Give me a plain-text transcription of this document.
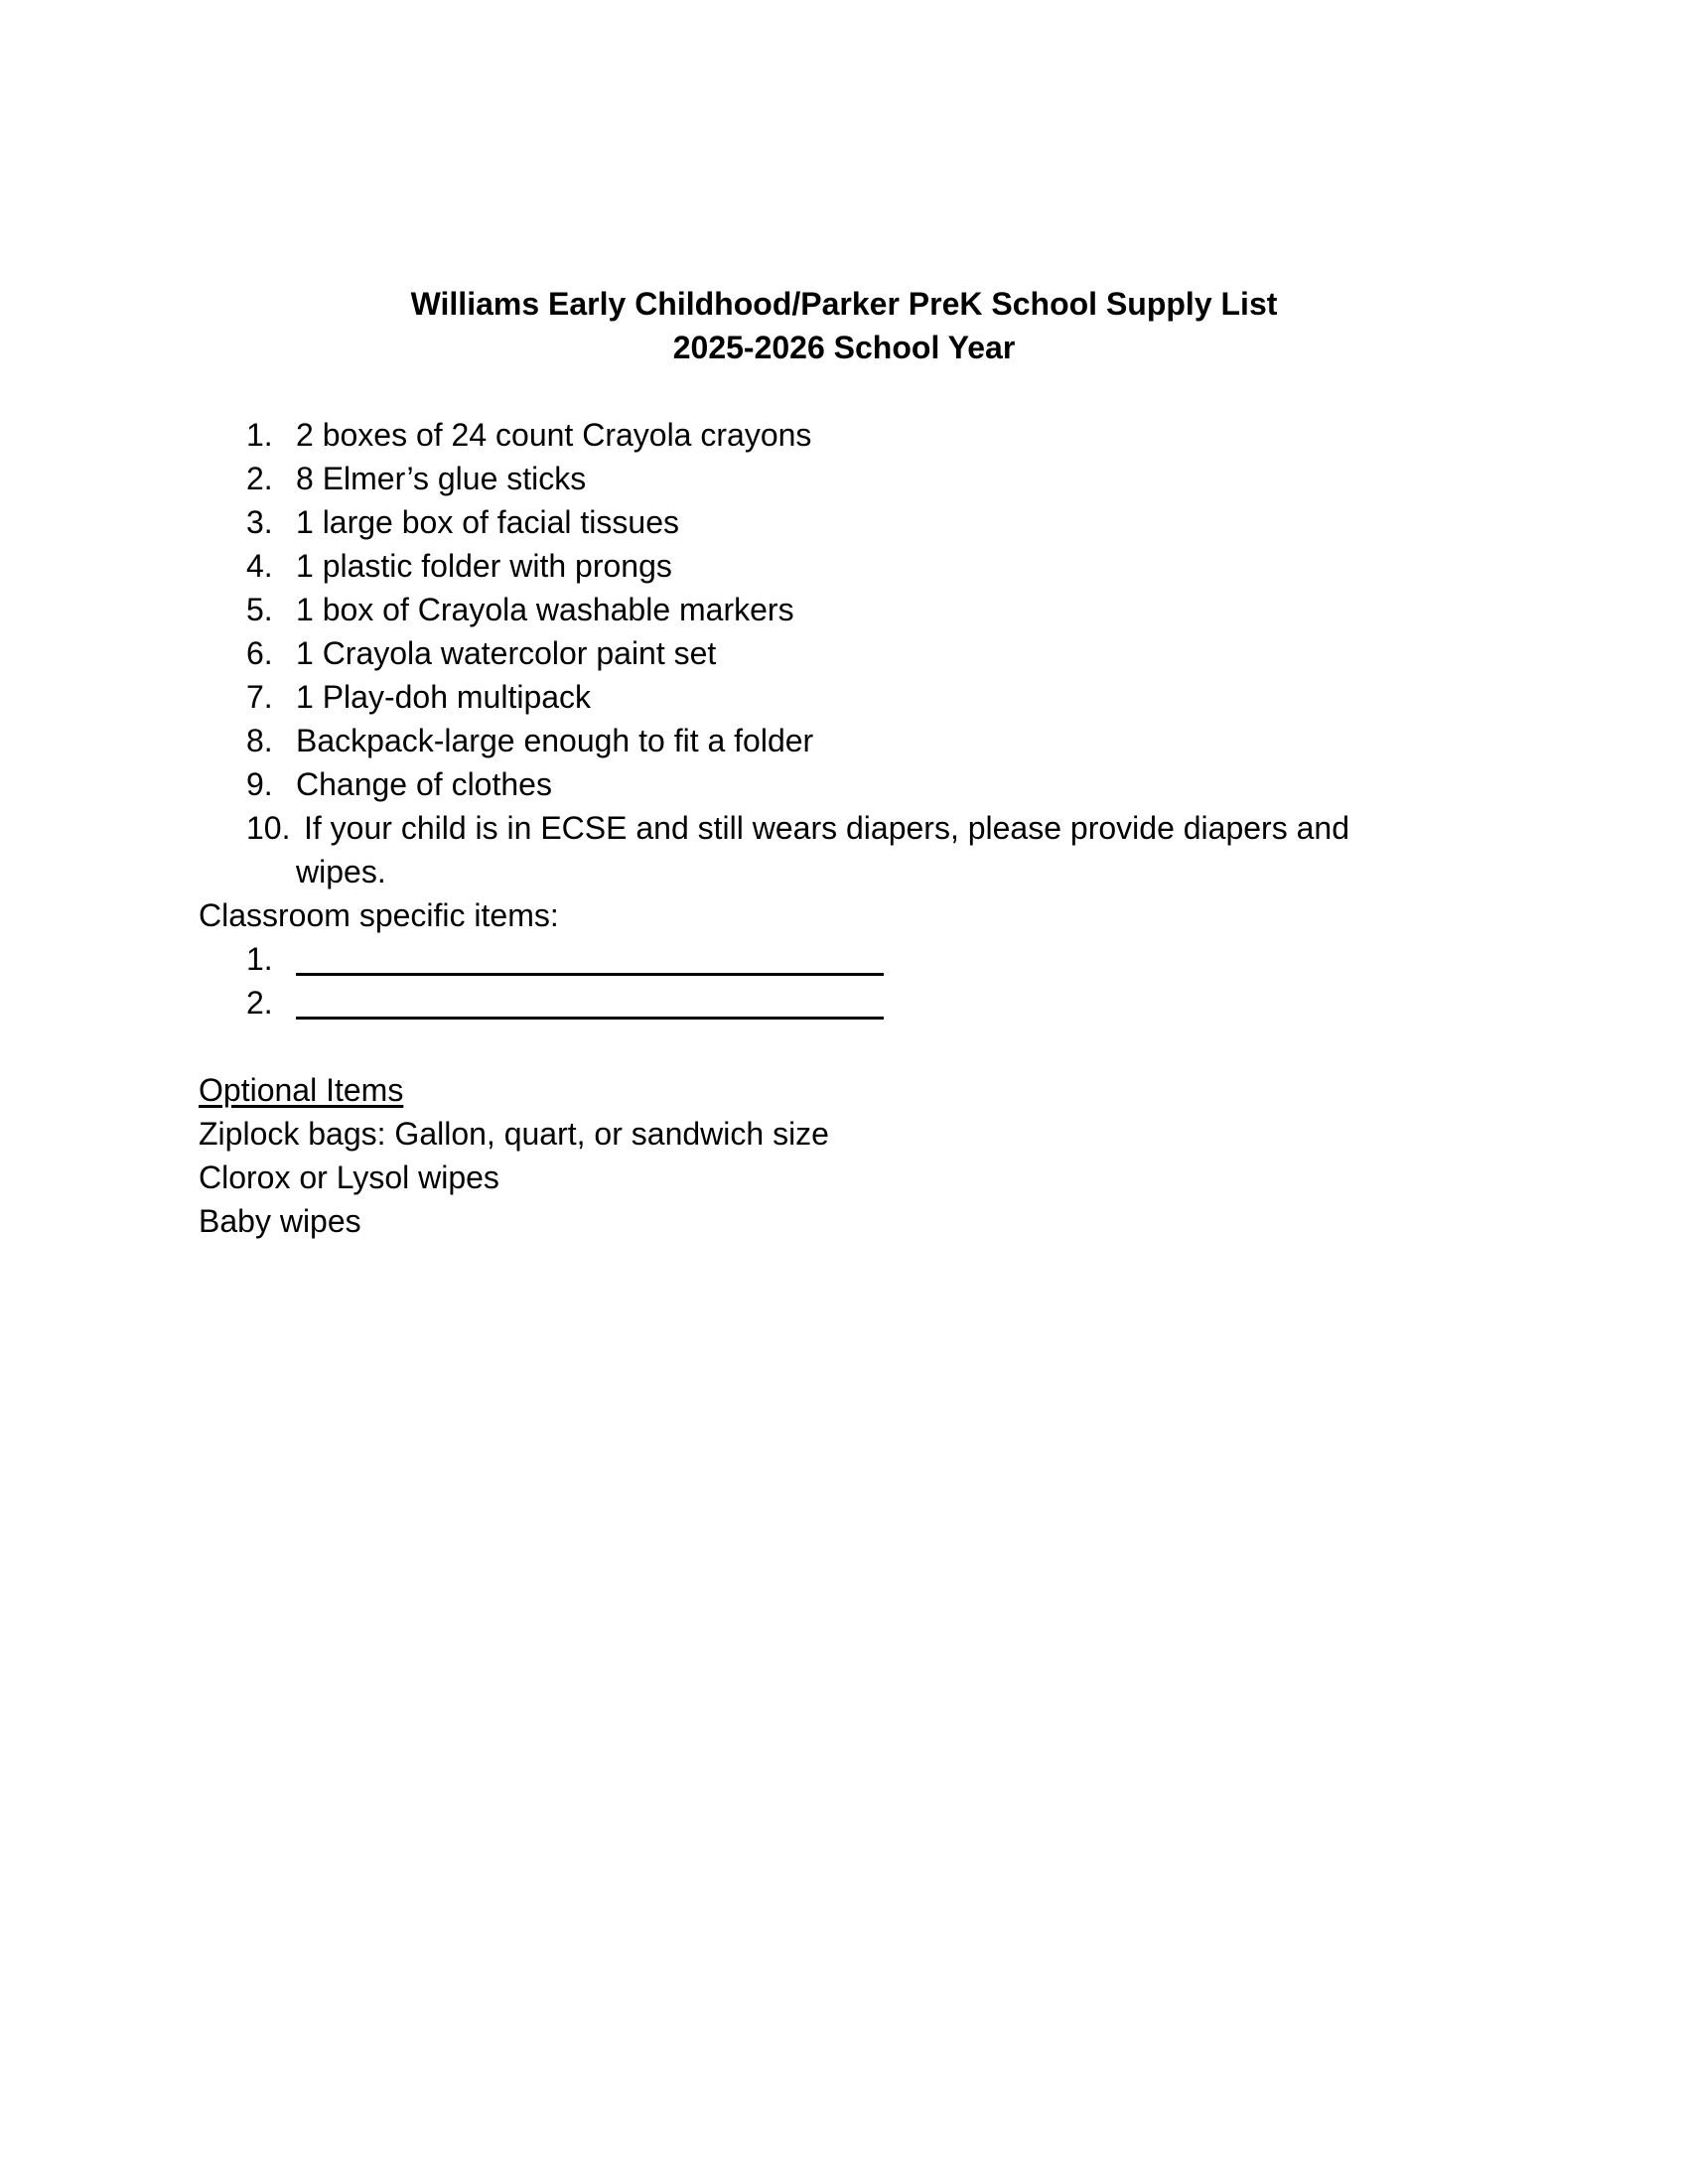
Williams Early Childhood/Parker PreK School Supply List
2025-2026 School Year
1. 2 boxes of 24 count Crayola crayons
2. 8 Elmer’s glue sticks
3. 1 large box of facial tissues
4. 1 plastic folder with prongs
5. 1 box of Crayola washable markers
6. 1 Crayola watercolor paint set
7. 1 Play-doh multipack
8. Backpack-large enough to fit a folder
9. Change of clothes
10. If your child is in ECSE and still wears diapers, please provide diapers and
wipes.
Classroom specific items:
1.
2.
Optional Items
Ziplock bags: Gallon, quart, or sandwich size
Clorox or Lysol wipes
Baby wipes
